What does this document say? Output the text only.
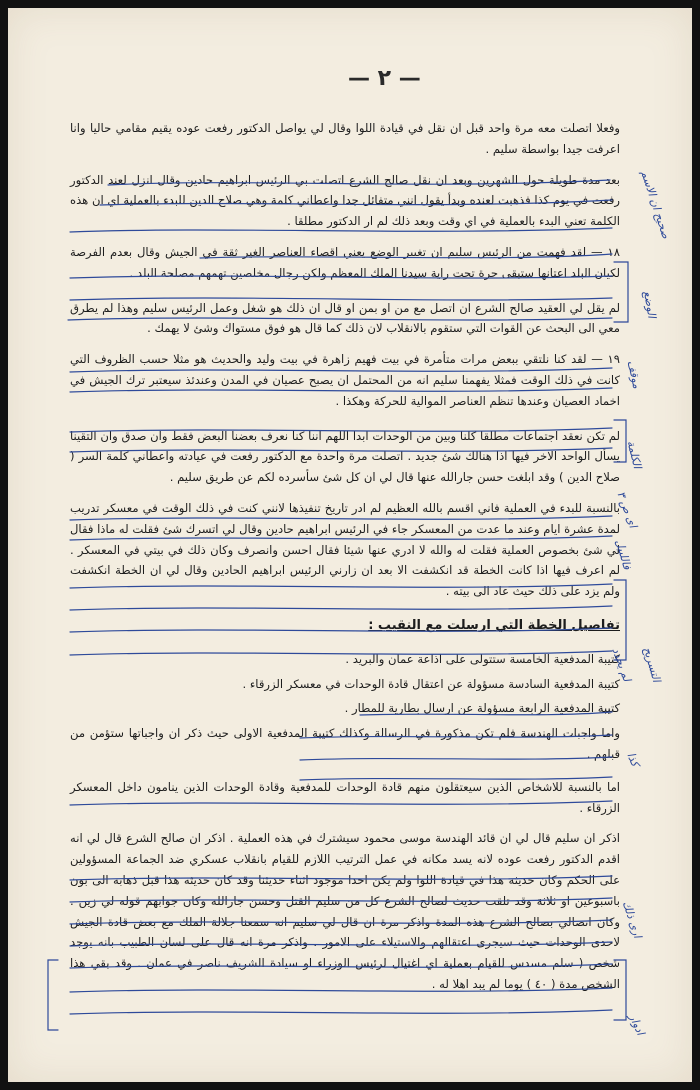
— ٢ —

وفعلا اتصلت معه مرة واحد قبل ان نقل في قيادة اللوا وقال لي يواصل الدكتور رفعت عوده يقيم مقامي حاليا وانا اعرفت جيدا بواسطة سليم .

بعد مدة طويلة حول الشهرين وبعد ان نقل صالح الشرع اتصلت بي الرئيس ابراهيم حادين وقال انزل لعند الدكتور رفعت في يوم كذا فذهبت لعنده وبدأ يقول انني متفائل جدا واعطاني كلمة وهي صلاح الدين للبدء بالعملية اي ان هذه الكلمة تعني البدء بالعملية في اي وقت وبعد ذلك لم ار الدكتور مطلقا .

١٨ — لقد فهمت من الرئيس سليم ان تغيير الوضع يعني اقصاء العناصر الغير ثقة في الجيش وقال بعدم الفرصة لكيان البلد اعتانها ستبقى حرة تحت راية سيدنا الملك المعظم ولكن رجال مخلصين تهمهم مصلحة البلد .

لم يقل لي العقيد صالح الشرع ان اتصل مع من او بمن او قال ان ذلك هو شغل وعمل الرئيس سليم وهذا لم يطرق معي الى البحث عن القوات التي ستقوم بالانقلاب لان ذلك كما قال هو فوق مستواك وشئ لا يهمك .

١٩ — لقد كنا نلتقي ببعض مرات متأمرة في بيت فهيم زاهرة في بيت وليد والحديث هو مثلا حسب الظروف التي كانت في ذلك الوقت فمثلا يفهمنا سليم انه من المحتمل ان يصبح عصيان في المدن وعندئذ سيعتبر ترك الجيش في اخماد العصيان وعندها تنظم العناصر الموالية للحركة وهكذا .

لم تكن نعقد اجتماعات مطلقا كلنا وبين من الوحدات ابدا اللهم اننا كنا نعرف بعضنا البعض فقط وان صدق وان التقينا يسأل الواحد الاخر فيها اذا هنالك شئ جديد . اتصلت مرة واحدة مع الدكتور رفعت في عيادته واعطاني كلمة السر ( صلاح الدين ) وقد ابلغت حسن جارالله عنها قال لي ان كل شئ سأسرده لكم عن طريق سليم .

بالنسبة للبدء في العملية فاني اقسم بالله العظيم لم ادر تاريخ تنفيذها لانني كنت في ذلك الوقت في معسكر تدريب لمدة عشرة ايام وعند ما عدت من المعسكر جاء في الرئيس ابراهيم حادين وقال لي اتسرك شئ فقلت له ماذا فقال لي شئ بخصوص العملية فقلت له والله لا ادري عنها شيئا فقال احسن وانصرف وكان ذلك في بيتي في المعسكر . لم اعرف فيها اذا كانت الخطة قد انكشفت الا بعد ان زارني الرئيس ابراهيم الحادين وقال لي ان الخطة انكشفت ولم يزد على ذلك حيث عاد الى بيته .

تفاصيل الخطة التي ارسلت مع النقيب :
كتيبة المدفعية الخامسة ستتولى على اذاعة عمان والبريد .
كتيبة المدفعية السادسة مسؤولة عن اعتقال قادة الوحدات في معسكر الزرقاء .
كتيبة المدفعية الرابعة مسؤولة عن ارسال بطارية للمطار .
واما واجبات الهندسة فلم تكن مذكورة في الرسالة وكذلك كتيبة المدفعية الاولى حيث ذكر ان واجباتها ستؤمن من قبلهم .

اما بالنسبة للاشخاص الذين سيعتقلون منهم قادة الوحدات للمدفعية وقادة الوحدات الذين ينامون داخل المعسكر الزرقاء .

اذكر ان سليم قال لي ان قائد الهندسة موسى محمود سيشترك في هذه العملية . اذكر ان صالح الشرع قال لي انه اقدم الدكتور رفعت عوده لانه يسد مكانه في عمل الترتيب اللازم للقيام بانقلاب عسكري ضد الجماعة المسؤولين على الحكم وكان حديثه هذا في قيادة اللوا ولم يكن احدا موجود اثناء حديثنا وقد كان حديثه هذا قبل ذهابه الى بون باسبوعين او ثلاثة وقد تلقت حديث لصالح الشرع كل من سليم القتل وحسن جارالله وكان جوابهم قوله لي زين . وكان اتصالي بصالح الشرع هذه المدة واذكر مرة ان قال لي سليم انه سمعنا جلالة الملك مع بعض قادة الجيش لاحدى الوحدات حيث سيجرى اعتقالهم والاستيلاء على الامور . واذكر مرة انه قال على لسان الطبيب بانه يوجد شخص ( سلم مسدس للقيام بعملية اي اغتيال لرئيس الوزراء او سيادة الشريف ناصر في عمان . وقد بقي هذا الشخص مدة ( ٤٠ ) يوما لم يبد اهلا له .

صحيح ان الاسم
الوضع
موقف
الكلمة
اى ص ٣
فاللبيل
لم يحدد التسريح
كذا
ارى ذلك
ادوار
